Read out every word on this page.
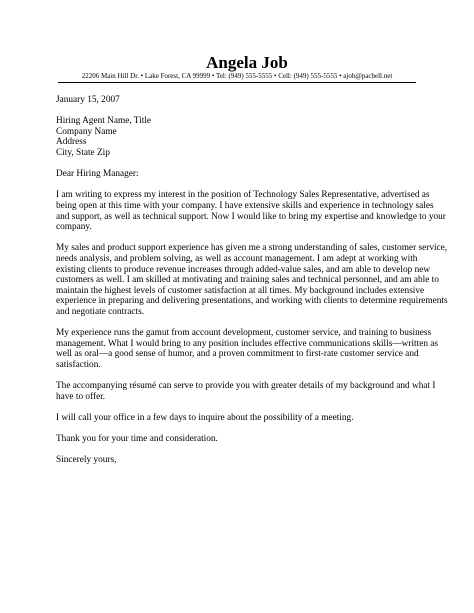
Angela Job
22206 Main Hill Dr. • Lake Forest, CA 99999 • Tel: (949) 555-5555 • Cell: (949) 555-5555 • ajob@pacbell.net
January 15, 2007
Hiring Agent Name, Title
Company Name
Address
City, State Zip
Dear Hiring Manager:
I am writing to express my interest in the position of Technology Sales Representative, advertised as
being open at this time with your company. I have extensive skills and experience in technology sales
and support, as well as technical support. Now I would like to bring my expertise and knowledge to your
company.
My sales and product support experience has given me a strong understanding of sales, customer service,
needs analysis, and problem solving, as well as account management. I am adept at working with
existing clients to produce revenue increases through added-value sales, and am able to develop new
customers as well. I am skilled at motivating and training sales and technical personnel, and am able to
maintain the highest levels of customer satisfaction at all times. My background includes extensive
experience in preparing and delivering presentations, and working with clients to determine requirements
and negotiate contracts.
My experience runs the gamut from account development, customer service, and training to business
management. What I would bring to any position includes effective communications skills—written as
well as oral—a good sense of humor, and a proven commitment to first-rate customer service and
satisfaction.
The accompanying résumé can serve to provide you with greater details of my background and what I
have to offer.
I will call your office in a few days to inquire about the possibility of a meeting.
Thank you for your time and consideration.
Sincerely yours,
